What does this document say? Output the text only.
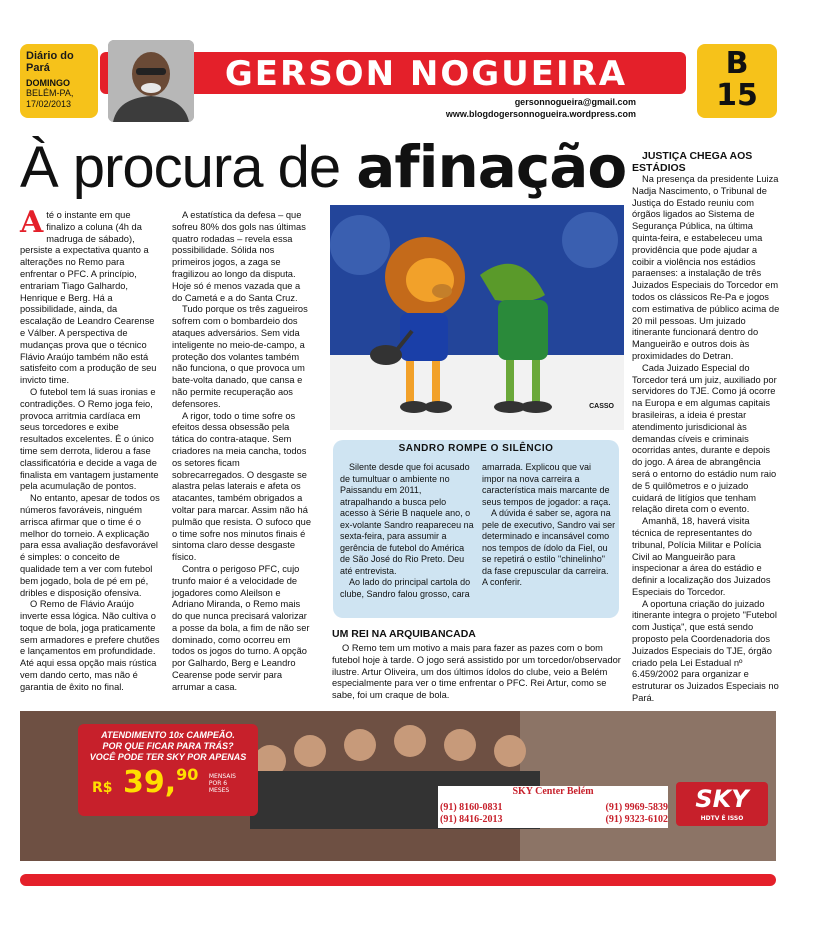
Diário do Pará
DOMINGO
BELÉM-PA,
17/02/2013
GERSON NOGUEIRA
gersonnogueira@gmail.com
www.blogdogersonnogueira.wordpress.com
B
15
À procura de afinação

Até o instante em que finalizo a coluna (4h da madruga de sábado), persiste a expectativa quanto a alterações no Remo para enfrentar o PFC. A princípio, entrariam Tiago Galhardo, Henrique e Berg. Há a possibilidade, ainda, da escalação de Leandro Cearense e Válber. A perspectiva de mudanças prova que o técnico Flávio Araújo também não está satisfeito com a produção de seu invicto time.

O futebol tem lá suas ironias e contradições. O Remo joga feio, provoca arritmia cardíaca em seus torcedores e exibe resultados excelentes. É o único time sem derrota, liderou a fase classificatória e decide a vaga de finalista em vantagem justamente pela acumulação de pontos.

No entanto, apesar de todos os números favoráveis, ninguém arrisca afirmar que o time é o melhor do torneio. A explicação para essa avaliação desfavorável é simples: o conceito de qualidade tem a ver com futebol bem jogado, bola de pé em pé, dribles e disposição ofensiva.

O Remo de Flávio Araújo inverte essa lógica. Não cultiva o toque de bola, joga praticamente sem armadores e prefere chutões e lançamentos em profundidade. Até aqui essa opção mais rústica vem dando certo, mas não é garantia de êxito no final.

A estatística da defesa – que sofreu 80% dos gols nas últimas quatro rodadas – revela essa possibilidade. Sólida nos primeiros jogos, a zaga se fragilizou ao longo da disputa. Hoje só é menos vazada que a do Cametá e a do Santa Cruz.

Tudo porque os três zagueiros sofrem com o bombardeio dos ataques adversários. Sem vida inteligente no meio-de-campo, a proteção dos volantes também não funciona, o que provoca um bate-volta danado, que cansa e não permite recuperação aos defensores.

A rigor, todo o time sofre os efeitos dessa obsessão pela tática do contra-ataque. Sem criadores na meia cancha, todos os setores ficam sobrecarregados. O desgaste se alastra pelas laterais e afeta os atacantes, também obrigados a voltar para marcar. Assim não há pulmão que resista. O sufoco que o time sofre nos minutos finais é sintoma claro desse desgaste físico.

Contra o perigoso PFC, cujo trunfo maior é a velocidade de jogadores como Aleilson e Adriano Miranda, o Remo mais do que nunca precisará valorizar a posse da bola, a fim de não ser dominado, como ocorreu em todos os jogos do turno. A opção por Galhardo, Berg e Leandro Cearense pode servir para arrumar a casa.

CASSO
SANDRO ROMPE O SILÊNCIO

Silente desde que foi acusado de tumultuar o ambiente no Paissandu em 2011, atrapalhando a busca pelo acesso à Série B naquele ano, o ex-volante Sandro reapareceu na sexta-feira, para assumir a gerência de futebol do América de São José do Rio Preto. Deu até entrevista.

Ao lado do principal cartola do clube, Sandro falou grosso, cara

amarrada. Explicou que vai impor na nova carreira a característica mais marcante de seus tempos de jogador: a raça.

A dúvida é saber se, agora na pele de executivo, Sandro vai ser determinado e incansável como nos tempos de ídolo da Fiel, ou se repetirá o estilo "chinelinho" da fase crepuscular da carreira. A conferir.

UM REI NA ARQUIBANCADA

O Remo tem um motivo a mais para fazer as pazes com o bom futebol hoje à tarde. O jogo será assistido por um torcedor/observador ilustre. Artur Oliveira, um dos últimos ídolos do clube, veio a Belém especialmente para ver o time enfrentar o PFC. Rei Artur, como se sabe, foi um craque de bola.

JUSTIÇA CHEGA AOS ESTÁDIOS

Na presença da presidente Luiza Nadja Nascimento, o Tribunal de Justiça do Estado reuniu com órgãos ligados ao Sistema de Segurança Pública, na última quinta-feira, e estabeleceu uma providência que pode ajudar a coibir a violência nos estádios paraenses: a instalação de três Juizados Especiais do Torcedor em todos os clássicos Re-Pa e jogos com estimativa de público acima de 20 mil pessoas. Um juizado itinerante funcionará dentro do Mangueirão e outros dois às proximidades do Detran.

Cada Juizado Especial do Torcedor terá um juiz, auxiliado por servidores do TJE. Como já ocorre na Europa e em algumas capitais brasileiras, a ideia é prestar atendimento jurisdicional às demandas cíveis e criminais ocorridas antes, durante e depois do jogo. A área de abrangência será o entorno do estádio num raio de 5 quilômetros e o juizado cuidará de litígios que tenham relação direta com o evento.

Amanhã, 18, haverá visita técnica de representantes do tribunal, Polícia Militar e Polícia Civil ao Mangueirão para inspecionar a área do estádio e definir a localização dos Juizados Especiais do Torcedor.

A oportuna criação do juizado itinerante integra o projeto "Futebol com Justiça", que está sendo proposto pela Coordenadoria dos Juizados Especiais do TJE, órgão criado pela Lei Estadual nº 6.459/2002 para organizar e estruturar os Juizados Especiais no Pará.

ATENDIMENTO 10x CAMPEÃO.
POR QUE FICAR PARA TRÁS?
VOCÊ PODE TER SKY POR APENAS
R$ 39,90 MENSAIS POR 6 MESES	SKY Center Belém
(91) 8160-0831	(91) 9969-5839
(91) 8416-2013	(91) 9323-6102
SKY
HDTV É ISSO
